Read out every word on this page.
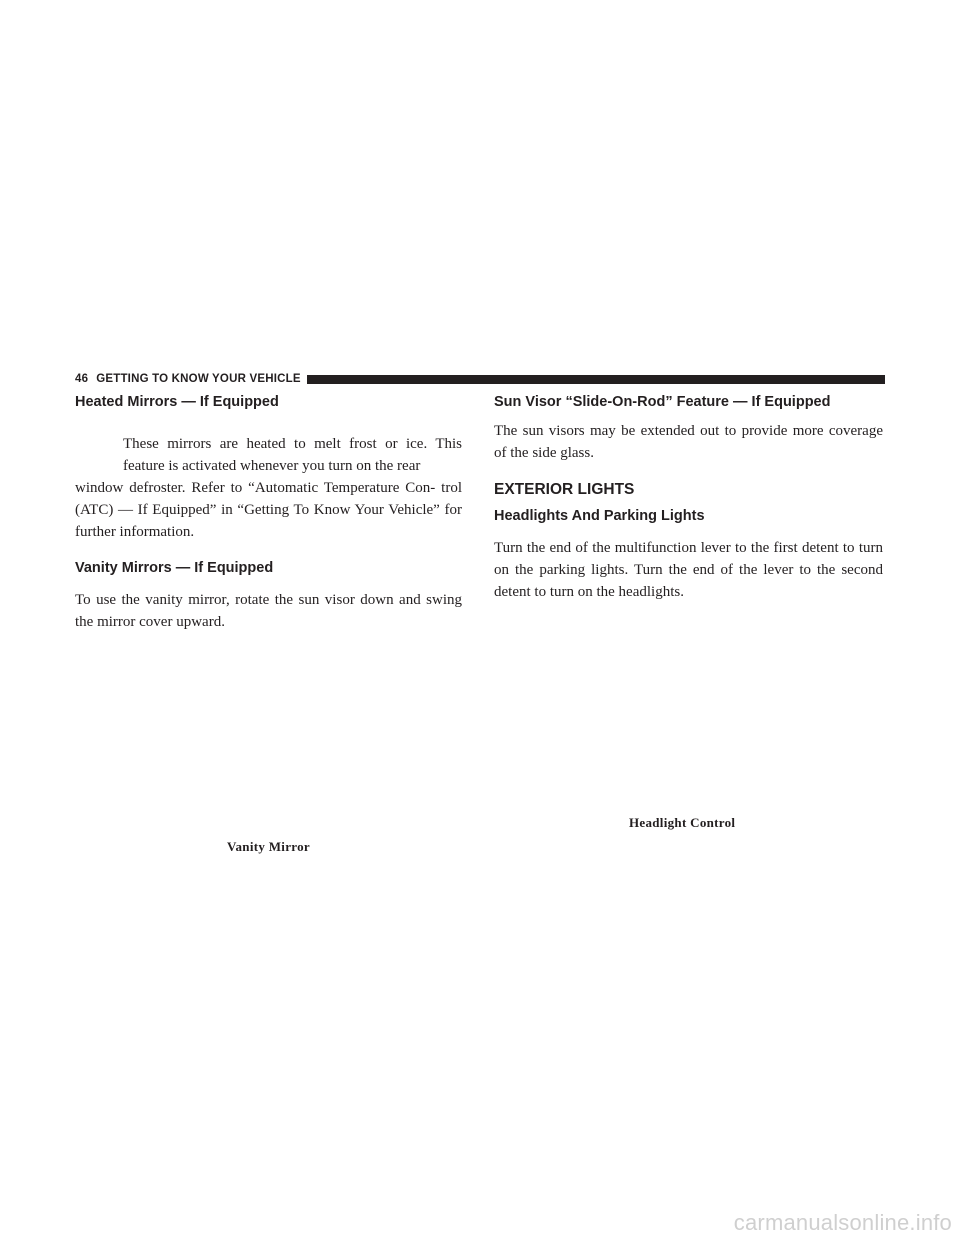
46 GETTING TO KNOW YOUR VEHICLE
Heated Mirrors — If Equipped

These mirrors are heated to melt frost or ice. This feature is activated whenever you turn on the rear

window defroster. Refer to “Automatic Temperature Con- trol (ATC) — If Equipped” in “Getting To Know Your Vehicle” for further information.

Vanity Mirrors — If Equipped

To use the vanity mirror, rotate the sun visor down and swing the mirror cover upward.

Vanity Mirror
Sun Visor “Slide-On-Rod” Feature — If Equipped

The sun visors may be extended out to provide more coverage of the side glass.

EXTERIOR LIGHTS
Headlights And Parking Lights

Turn the end of the multifunction lever to the first detent to turn on the parking lights. Turn the end of the lever to the second detent to turn on the headlights.

Headlight Control
carmanualsonline.info
